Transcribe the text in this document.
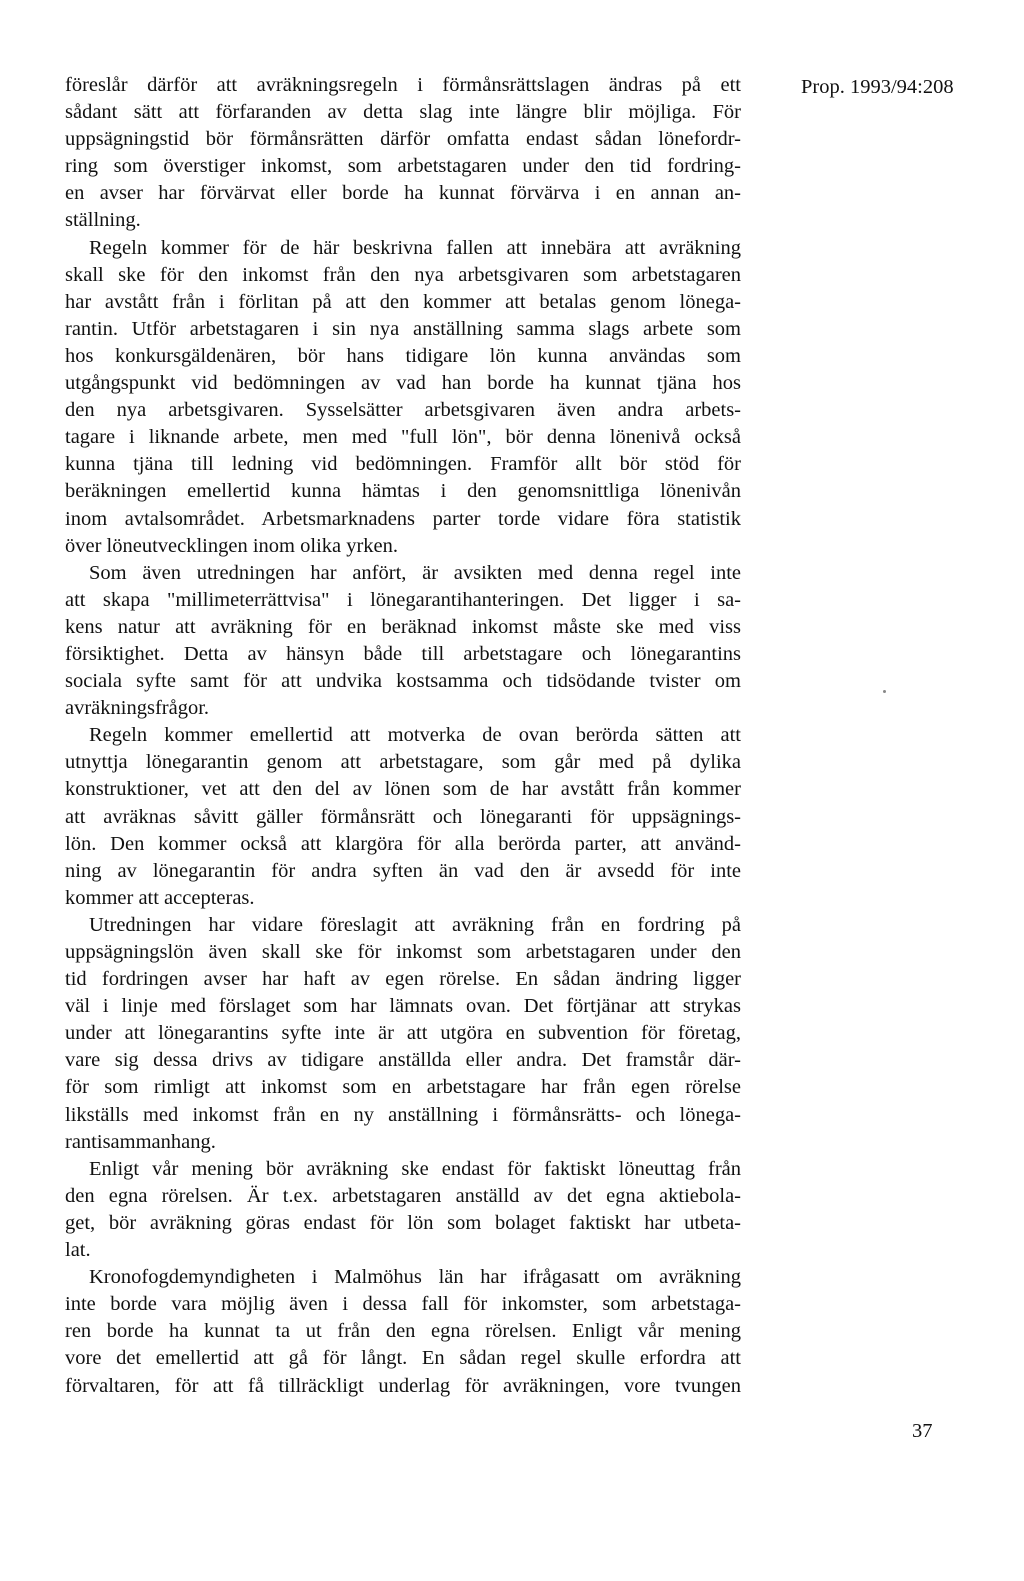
Prop. 1993/94:208
föreslår därför att avräkningsregeln i förmånsrättslagen ändras på ett
sådant sätt att förfaranden av detta slag inte längre blir möjliga. För
uppsägningstid bör förmånsrätten därför omfatta endast sådan lönefordr-
ring som överstiger inkomst, som arbetstagaren under den tid fordring-
en avser har förvärvat eller borde ha kunnat förvärva i en annan an-
ställning.
Regeln kommer för de här beskrivna fallen att innebära att avräkning
skall ske för den inkomst från den nya arbetsgivaren som arbetstagaren
har avstått från i förlitan på att den kommer att betalas genom lönega-
rantin. Utför arbetstagaren i sin nya anställning samma slags arbete som
hos konkursgäldenären, bör hans tidigare lön kunna användas som
utgångspunkt vid bedömningen av vad han borde ha kunnat tjäna hos
den nya arbetsgivaren. Sysselsätter arbetsgivaren även andra arbets-
tagare i liknande arbete, men med "full lön", bör denna lönenivå också
kunna tjäna till ledning vid bedömningen. Framför allt bör stöd för
beräkningen emellertid kunna hämtas i den genomsnittliga lönenivån
inom avtalsområdet. Arbetsmarknadens parter torde vidare föra statistik
över löneutvecklingen inom olika yrken.
Som även utredningen har anfört, är avsikten med denna regel inte
att skapa "millimeterrättvisa" i lönegarantihanteringen. Det ligger i sa-
kens natur att avräkning för en beräknad inkomst måste ske med viss
försiktighet. Detta av hänsyn både till arbetstagare och lönegarantins
sociala syfte samt för att undvika kostsamma och tidsödande tvister om
avräkningsfrågor.
Regeln kommer emellertid att motverka de ovan berörda sätten att
utnyttja lönegarantin genom att arbetstagare, som går med på dylika
konstruktioner, vet att den del av lönen som de har avstått från kommer
att avräknas såvitt gäller förmånsrätt och lönegaranti för uppsägnings-
lön. Den kommer också att klargöra för alla berörda parter, att använd-
ning av lönegarantin för andra syften än vad den är avsedd för inte
kommer att accepteras.
Utredningen har vidare föreslagit att avräkning från en fordring på
uppsägningslön även skall ske för inkomst som arbetstagaren under den
tid fordringen avser har haft av egen rörelse. En sådan ändring ligger
väl i linje med förslaget som har lämnats ovan. Det förtjänar att strykas
under att lönegarantins syfte inte är att utgöra en subvention för företag,
vare sig dessa drivs av tidigare anställda eller andra. Det framstår där-
för som rimligt att inkomst som en arbetstagare har från egen rörelse
likställs med inkomst från en ny anställning i förmånsrätts- och lönega-
rantisammanhang.
Enligt vår mening bör avräkning ske endast för faktiskt löneuttag från
den egna rörelsen. Är t.ex. arbetstagaren anställd av det egna aktiebola-
get, bör avräkning göras endast för lön som bolaget faktiskt har utbeta-
lat.
Kronofogdemyndigheten i Malmöhus län har ifrågasatt om avräkning
inte borde vara möjlig även i dessa fall för inkomster, som arbetstaga-
ren borde ha kunnat ta ut från den egna rörelsen. Enligt vår mening
vore det emellertid att gå för långt. En sådan regel skulle erfordra att
förvaltaren, för att få tillräckligt underlag för avräkningen, vore tvungen
37
